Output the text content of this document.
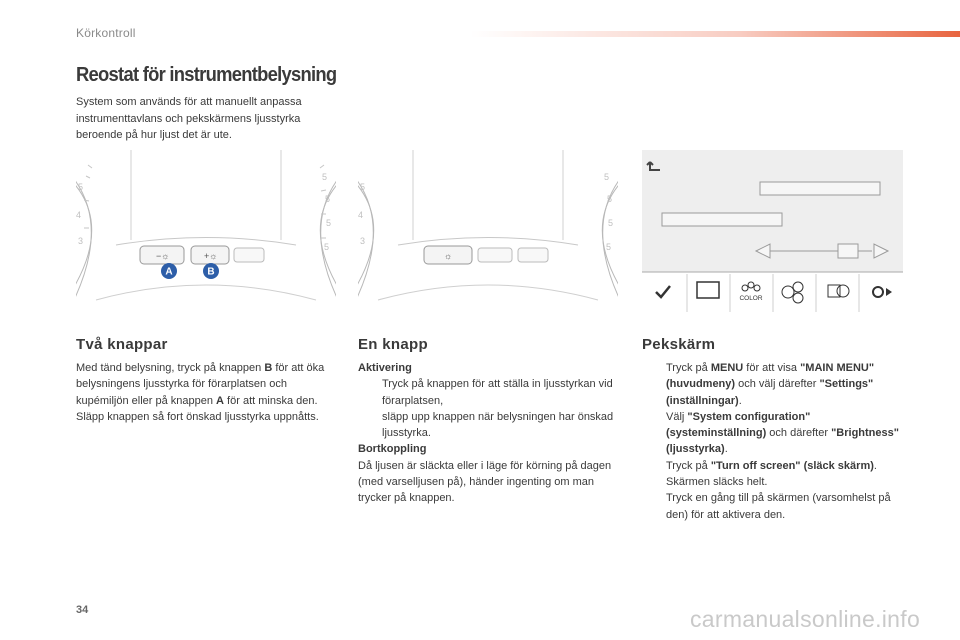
Körkontroll
Reostat för instrumentbelysning
System som används för att manuellt anpassa instrumenttavlans och pekskärmens ljusstyrka beroende på hur ljust det är ute.
5
4
3
5
5
5
5
−☼	+☼
A	B
5
4
3
5
5
5
5
☼
COLOR
Två knappar	En knapp	Pekskärm

Med tänd belysning, tryck på knappen B för att öka belysningens ljusstyrka för förarplatsen och kupémiljön eller på knappen A för att minska den.

Släpp knappen så fort önskad ljusstyrka uppnåtts.

Aktivering

Tryck på knappen för att ställa in ljusstyrkan vid förarplatsen,

släpp upp knappen när belysningen har önskad ljusstyrka.

Bortkoppling

Då ljusen är släckta eller i läge för körning på dagen (med varselljusen på), händer ingenting om man trycker på knappen.

Tryck på MENU för att visa "MAIN MENU" (huvudmeny) och välj därefter "Settings" (inställningar).

Välj "System configuration" (systeminställning) och därefter "Brightness" (ljusstyrka).

Tryck på "Turn off screen" (släck skärm).
Skärmen släcks helt.
Tryck en gång till på skärmen (varsomhelst på den) för att aktivera den.

34	carmanualsonline.info
